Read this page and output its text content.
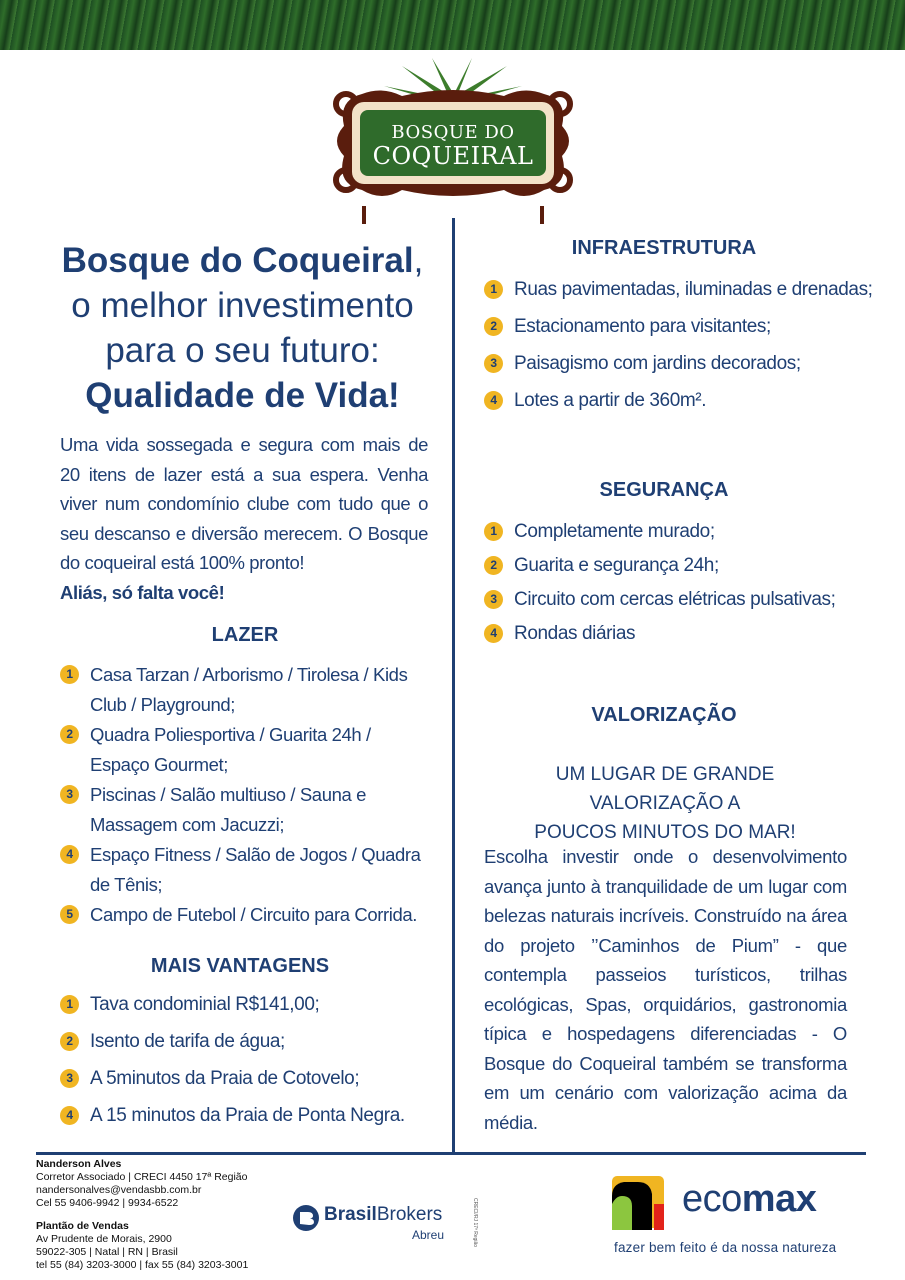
BOSQUE DO
COQUEIRAL
Bosque do Coqueiral,
o melhor investimento
para o seu futuro:
Qualidade de Vida!
Uma vida sossegada e segura com mais de 20 itens de lazer está a sua espera. Venha viver num condomínio clube com tudo que o seu descanso e diversão merecem. O Bosque do coqueiral está 100% pronto!
Aliás, só falta você!
LAZER
1 Casa Tarzan / Arborismo / Tirolesa / Kids Club / Playground;
2 Quadra Poliesportiva / Guarita 24h / Espaço Gourmet;
3 Piscinas / Salão multiuso / Sauna e Massagem com Jacuzzi;
4 Espaço Fitness / Salão de Jogos / Quadra de Tênis;
5 Campo de Futebol / Circuito para Corrida.
MAIS VANTAGENS
1 Tava condominial R$141,00;
2 Isento de tarifa de água;
3 A 5minutos da Praia de Cotovelo;
4 A 15 minutos da Praia de Ponta Negra.
INFRAESTRUTURA
1 Ruas pavimentadas, iluminadas e drenadas;
2 Estacionamento para visitantes;
3 Paisagismo com jardins decorados;
4 Lotes a partir de 360m².
SEGURANÇA
1 Completamente murado;
2 Guarita e segurança 24h;
3 Circuito com cercas elétricas pulsativas;
4 Rondas diárias
VALORIZAÇÃO
UM LUGAR DE GRANDE VALORIZAÇÃO A
POUCOS MINUTOS DO MAR!
Escolha investir onde o desenvolvimento avança junto à tranquilidade de um lugar com belezas naturais incríveis. Construído na área do projeto ’’Caminhos de Pium” - que contempla passeios turísticos, trilhas ecológicas, Spas, orquidários, gastronomia típica e hospedagens diferenciadas - O Bosque do Coqueiral também se transforma em um cenário com valorização acima da média.
Nanderson Alves
Corretor Associado | CRECI 4450 17ª Região
nandersonalves@vendasbb.com.br
Cel 55 9406-9942 | 9934-6522
Plantão de Vendas
Av Prudente de Morais, 2900
59022-305 | Natal | RN | Brasil
tel 55 (84) 3203-3000 | fax 55 (84) 3203-3001
BrasilBrokers
Abreu	CRECI/RJ 17ª Região	ecomax
fazer bem feito é da nossa natureza
